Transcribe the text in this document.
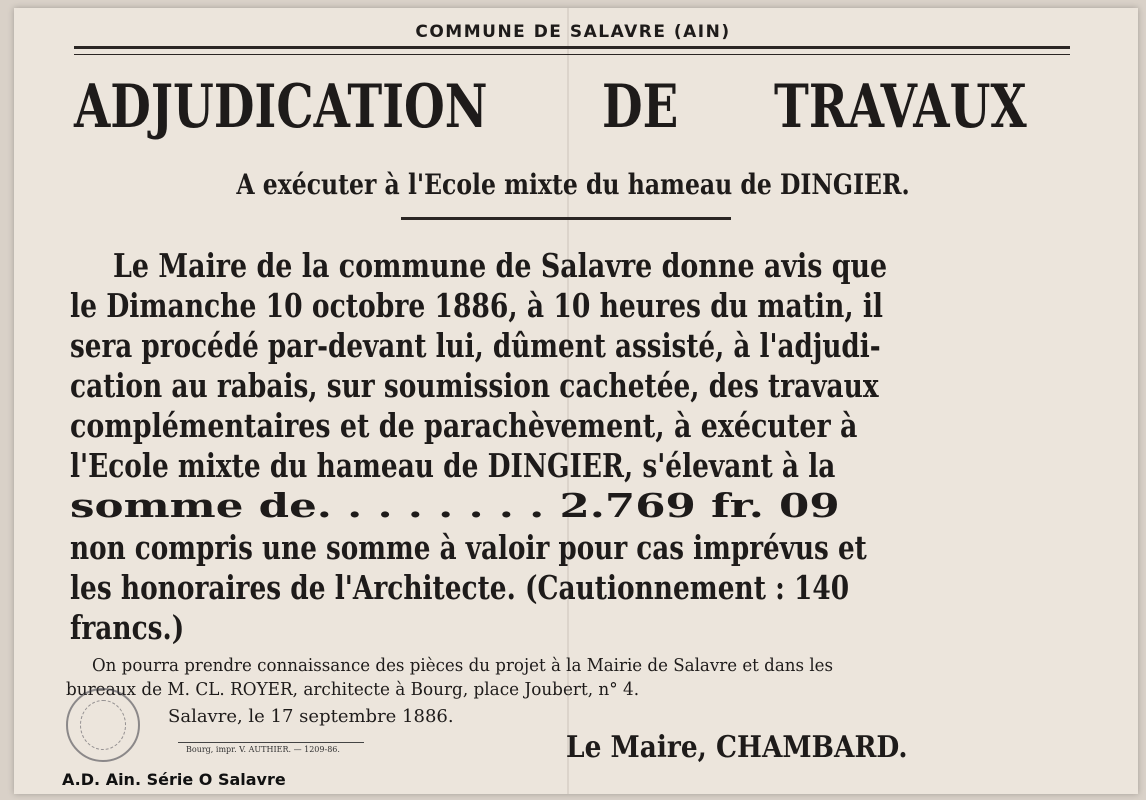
COMMUNE DE SALAVRE (AIN)
ADJUDICATION DE TRAVAUX
A exécuter à l'Ecole mixte du hameau de DINGIER.
Le Maire de la commune de Salavre donne avis que
le Dimanche 10 octobre 1886, à 10 heures du matin, il
sera procédé par-devant lui, dûment assisté, à l'adjudi-
cation au rabais, sur soumission cachetée, des travaux
complémentaires et de parachèvement, à exécuter à
l'Ecole mixte du hameau de DINGIER, s'élevant à la
somme de. . . . . . . . 2.769 fr. 09
non compris une somme à valoir pour cas imprévus et
les honoraires de l'Architecte. (Cautionnement : 140
francs.)
On pourra prendre connaissance des pièces du projet à la Mairie de Salavre et dans les
bureaux de M. CL. ROYER, architecte à Bourg, place Joubert, n° 4.
Salavre, le 17 septembre 1886.
Bourg, impr. V. AUTHIER. — 1209-86.	Le Maire, CHAMBARD.
A.D. Ain. Série O Salavre
